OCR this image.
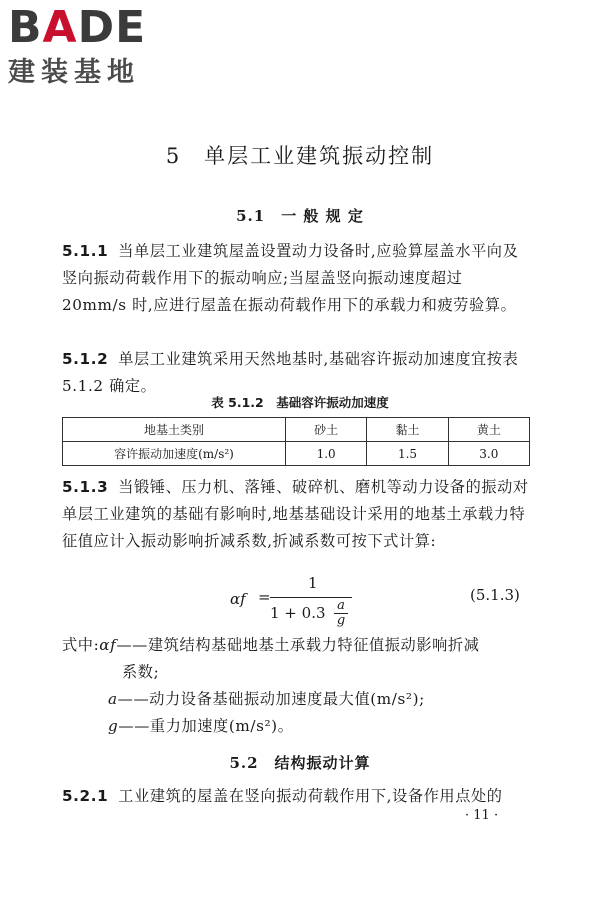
BADE
建装基地
5　单层工业建筑振动控制
5.1　一 般 规 定
5.1.1 当单层工业建筑屋盖设置动力设备时,应验算屋盖水平向及竖向振动荷载作用下的振动响应;当屋盖竖向振动速度超过 20mm/s 时,应进行屋盖在振动荷载作用下的承载力和疲劳验算。
5.1.2 单层工业建筑采用天然地基时,基础容许振动加速度宜按表 5.1.2 确定。
表 5.1.2　基础容许振动加速度
地基土类别	砂土	黏土	黄土
容许振动加速度(m/s²)	1.0	1.5	3.0
5.1.3 当锻锤、压力机、落锤、破碎机、磨机等动力设备的振动对单层工业建筑的基础有影响时,地基基础设计采用的地基土承载力特征值应计入振动影响折减系数,折减系数可按下式计算:
αf =
1
$1 + 0.3 \frac{a}{g}$
(5.1.3)
式中:αf——建筑结构基础地基土承载力特征值振动影响折减
系数;
a——动力设备基础振动加速度最大值(m/s²);
g——重力加速度(m/s²)。
5.2　结构振动计算
5.2.1 工业建筑的屋盖在竖向振动荷载作用下,设备作用点处的
· 11 ·
